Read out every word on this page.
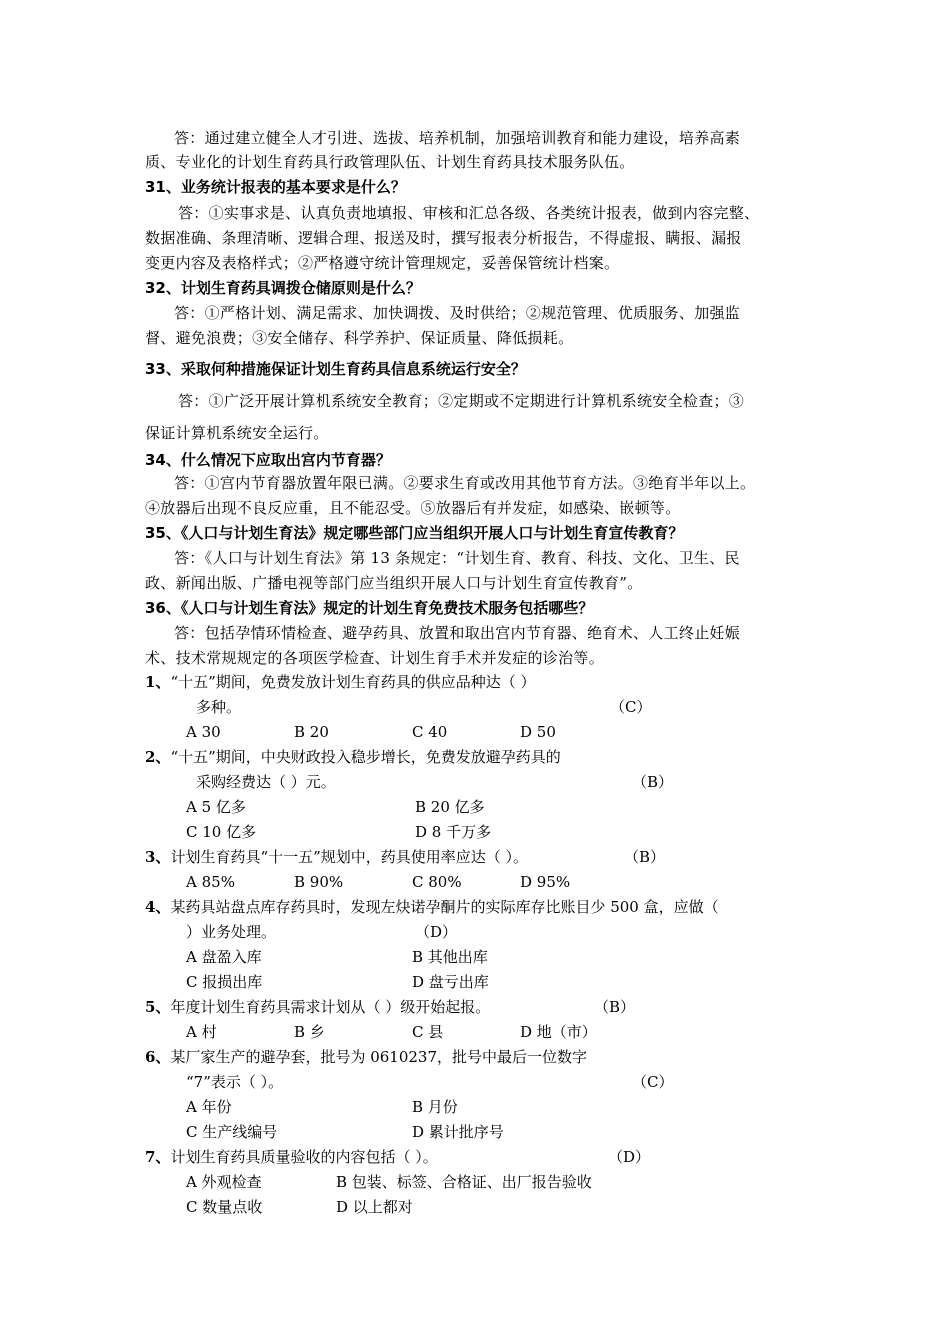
答：通过建立健全人才引进、选拔、培养机制，加强培训教育和能力建设，培养高素
质、专业化的计划生育药具行政管理队伍、计划生育药具技术服务队伍。
31、业务统计报表的基本要求是什么？
答：①实事求是、认真负责地填报、审核和汇总各级、各类统计报表，做到内容完整、
数据准确、条理清晰、逻辑合理、报送及时，撰写报表分析报告，不得虚报、瞒报、漏报
变更内容及表格样式；②严格遵守统计管理规定，妥善保管统计档案。
32、计划生育药具调拨仓储原则是什么？
答：①严格计划、满足需求、加快调拨、及时供给；②规范管理、优质服务、加强监
督、避免浪费；③安全储存、科学养护、保证质量、降低损耗。
33、采取何种措施保证计划生育药具信息系统运行安全？
答：①广泛开展计算机系统安全教育；②定期或不定期进行计算机系统安全检查；③
保证计算机系统安全运行。
34、什么情况下应取出宫内节育器？
答：①宫内节育器放置年限已满。②要求生育或改用其他节育方法。③绝育半年以上。
④放器后出现不良反应重，且不能忍受。⑤放器后有并发症，如感染、嵌顿等。
35、《人口与计划生育法》规定哪些部门应当组织开展人口与计划生育宣传教育？
答：《人口与计划生育法》第 13 条规定：“计划生育、教育、科技、文化、卫生、民
政、新闻出版、广播电视等部门应当组织开展人口与计划生育宣传教育”。
36、《人口与计划生育法》规定的计划生育免费技术服务包括哪些？
答：包括孕情环情检查、避孕药具、放置和取出宫内节育器、绝育术、人工终止妊娠
术、技术常规规定的各项医学检查、计划生育手术并发症的诊治等。
1、“十五”期间，免费发放计划生育药具的供应品种达（ ）
多种。	（C）
A 30	B 20	C 40	D 50
2、“十五”期间，中央财政投入稳步增长，免费发放避孕药具的
采购经费达（ ）元。	（B）
A 5 亿多	B 20 亿多
C 10 亿多	D 8 千万多
3、计划生育药具“十一五”规划中，药具使用率应达（ ）。	（B）
A 85%	B 90%	C 80%	D 95%
4、某药具站盘点库存药具时，发现左炔诺孕酮片的实际库存比账目少 500 盒，应做（
）业务处理。	（D）
A 盘盈入库	B 其他出库
C 报损出库	D 盘亏出库
5、年度计划生育药具需求计划从（ ）级开始起报。	（B）
A 村	B 乡	C 县	D 地（市）
6、某厂家生产的避孕套，批号为 0610237，批号中最后一位数字
“7”表示（ ）。	（C）
A 年份	B 月份
C 生产线编号	D 累计批序号
7、计划生育药具质量验收的内容包括（ ）。	（D）
A 外观检查	B 包装、标签、合格证、出厂报告验收
C 数量点收	D 以上都对
